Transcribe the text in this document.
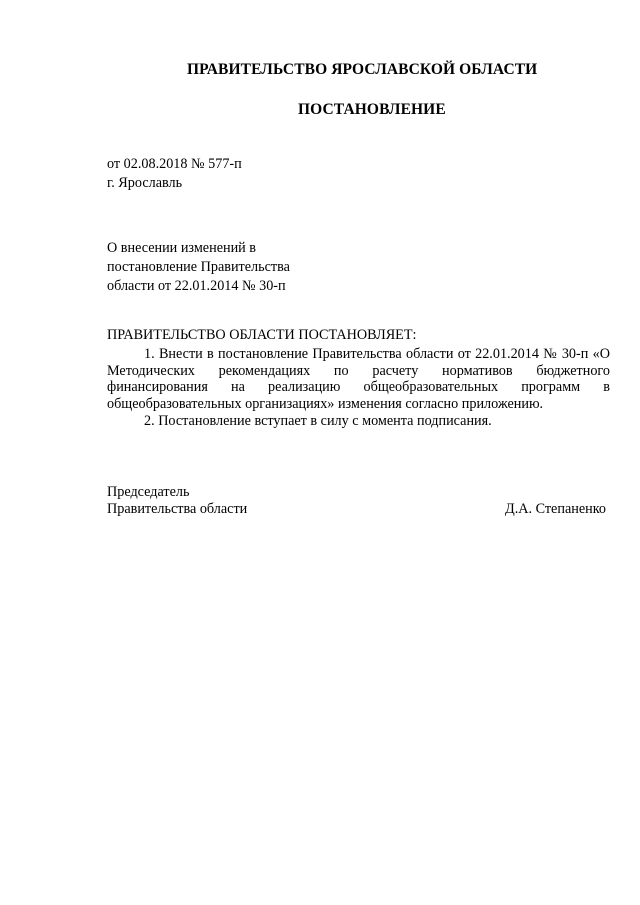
ПРАВИТЕЛЬСТВО ЯРОСЛАВСКОЙ ОБЛАСТИ
ПОСТАНОВЛЕНИЕ
от 02.08.2018 № 577-п
г. Ярославль
О внесении изменений в
постановление Правительства
области от 22.01.2014 № 30-п
ПРАВИТЕЛЬСТВО ОБЛАСТИ ПОСТАНОВЛЯЕТ:
1. Внести в постановление Правительства области от 22.01.2014 № 30-п «О Методических рекомендациях по расчету нормативов бюджетного финансирования на реализацию общеобразовательных программ в общеобразовательных организациях» изменения согласно приложению.
2. Постановление вступает в силу с момента подписания.
Председатель
Правительства области	Д.А. Степаненко
